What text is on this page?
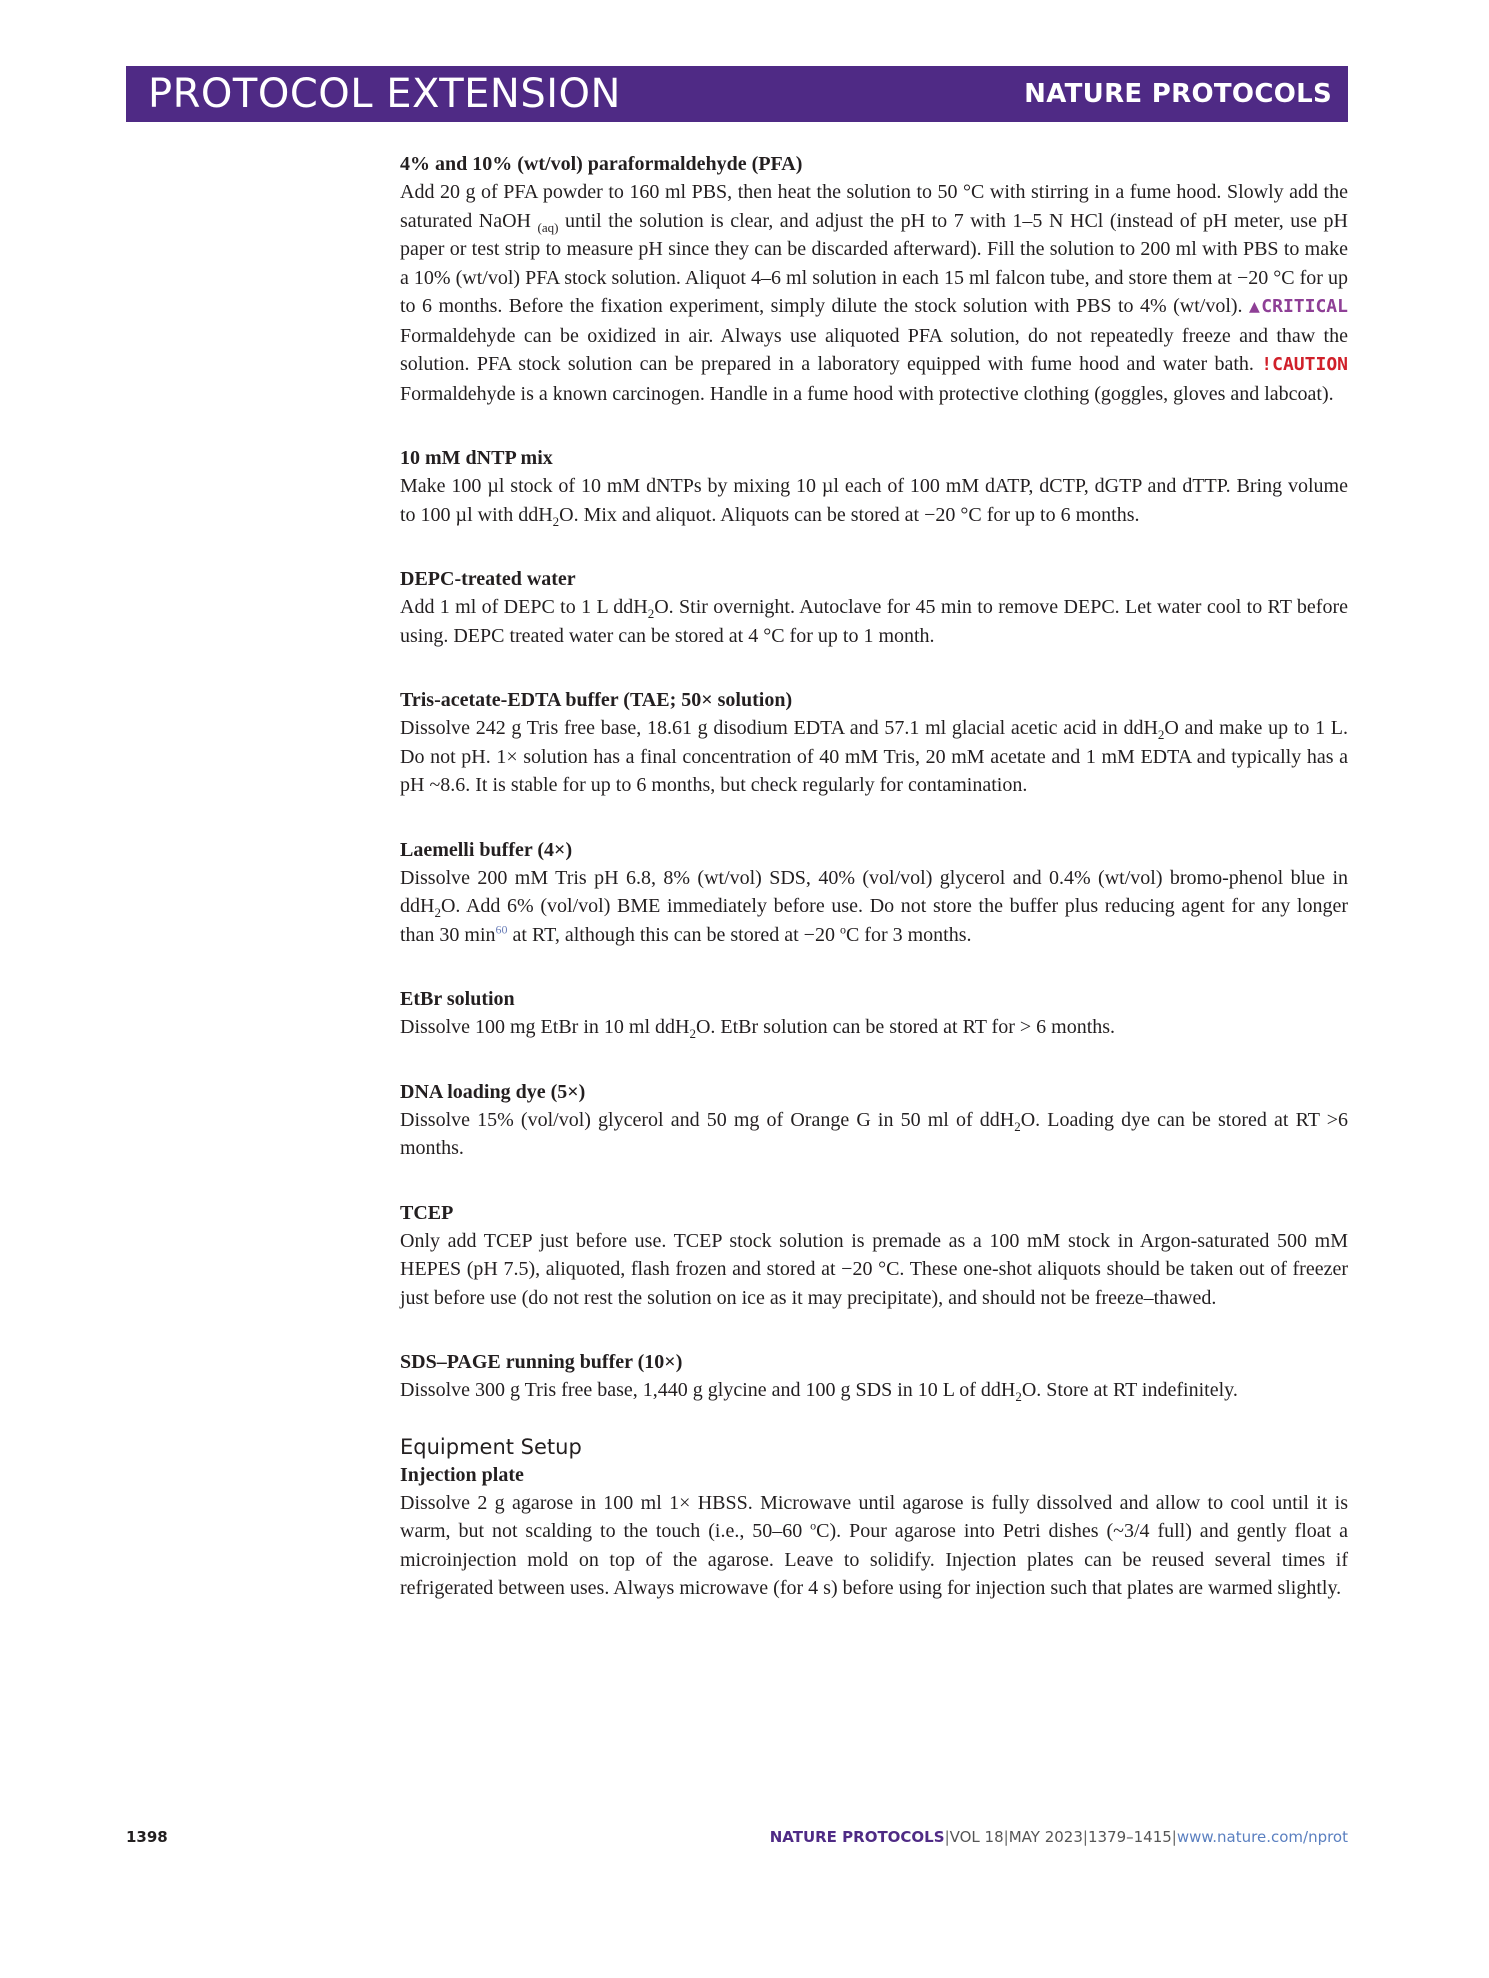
PROTOCOL EXTENSION	NATURE PROTOCOLS
4% and 10% (wt/vol) paraformaldehyde (PFA)
Add 20 g of PFA powder to 160 ml PBS, then heat the solution to 50 °C with stirring in a fume hood. Slowly add the saturated NaOH $_{(aq)}$ until the solution is clear, and adjust the pH to 7 with 1–5 N HCl (instead of pH meter, use pH paper or test strip to measure pH since they can be discarded afterward). Fill the solution to 200 ml with PBS to make a 10% (wt/vol) PFA stock solution. Aliquot 4–6 ml solution in each 15 ml falcon tube, and store them at −20 °C for up to 6 months. Before the fixation experiment, simply dilute the stock solution with PBS to 4% (wt/vol). ▲CRITICAL Formaldehyde can be oxidized in air. Always use aliquoted PFA solution, do not repeatedly freeze and thaw the solution. PFA stock solution can be prepared in a laboratory equipped with fume hood and water bath. !CAUTION Formaldehyde is a known carcinogen. Handle in a fume hood with protective clothing (goggles, gloves and labcoat).
10 mM dNTP mix
Make 100 µl stock of 10 mM dNTPs by mixing 10 µl each of 100 mM dATP, dCTP, dGTP and dTTP. Bring volume to 100 µl with ddH$_2$O. Mix and aliquot. Aliquots can be stored at −20 °C for up to 6 months.
DEPC-treated water
Add 1 ml of DEPC to 1 L ddH$_2$O. Stir overnight. Autoclave for 45 min to remove DEPC. Let water cool to RT before using. DEPC treated water can be stored at 4 °C for up to 1 month.
Tris-acetate-EDTA buffer (TAE; 50× solution)
Dissolve 242 g Tris free base, 18.61 g disodium EDTA and 57.1 ml glacial acetic acid in ddH$_2$O and make up to 1 L. Do not pH. 1× solution has a final concentration of 40 mM Tris, 20 mM acetate and 1 mM EDTA and typically has a pH ~8.6. It is stable for up to 6 months, but check regularly for contamination.
Laemelli buffer (4×)
Dissolve 200 mM Tris pH 6.8, 8% (wt/vol) SDS, 40% (vol/vol) glycerol and 0.4% (wt/vol) bromo-phenol blue in ddH$_2$O. Add 6% (vol/vol) BME immediately before use. Do not store the buffer plus reducing agent for any longer than 30 $\min^{60}$ at RT, although this can be stored at −20 $^o$C for 3 months.
EtBr solution
Dissolve 100 mg EtBr in 10 ml ddH$_2$O. EtBr solution can be stored at RT for > 6 months.
DNA loading dye (5×)
Dissolve 15% (vol/vol) glycerol and 50 mg of Orange G in 50 ml of ddH$_2$O. Loading dye can be stored at RT >6 months.
TCEP
Only add TCEP just before use. TCEP stock solution is premade as a 100 mM stock in Argon-saturated 500 mM HEPES (pH 7.5), aliquoted, flash frozen and stored at −20 °C. These one-shot aliquots should be taken out of freezer just before use (do not rest the solution on ice as it may precipitate), and should not be freeze–thawed.
SDS–PAGE running buffer (10×)
Dissolve 300 g Tris free base, 1,440 g glycine and 100 g SDS in 10 L of ddH$_2$O. Store at RT indefinitely.
Equipment Setup
Injection plate
Dissolve 2 g agarose in 100 ml 1× HBSS. Microwave until agarose is fully dissolved and allow to cool until it is warm, but not scalding to the touch (i.e., 50–60 $^o$C). Pour agarose into Petri dishes (~3/4 full) and gently float a microinjection mold on top of the agarose. Leave to solidify. Injection plates can be reused several times if refrigerated between uses. Always microwave (for 4 s) before using for injection such that plates are warmed slightly.
1398	NATURE PROTOCOLS|VOL 18|MAY 2023|1379–1415|www.nature.com/nprot
